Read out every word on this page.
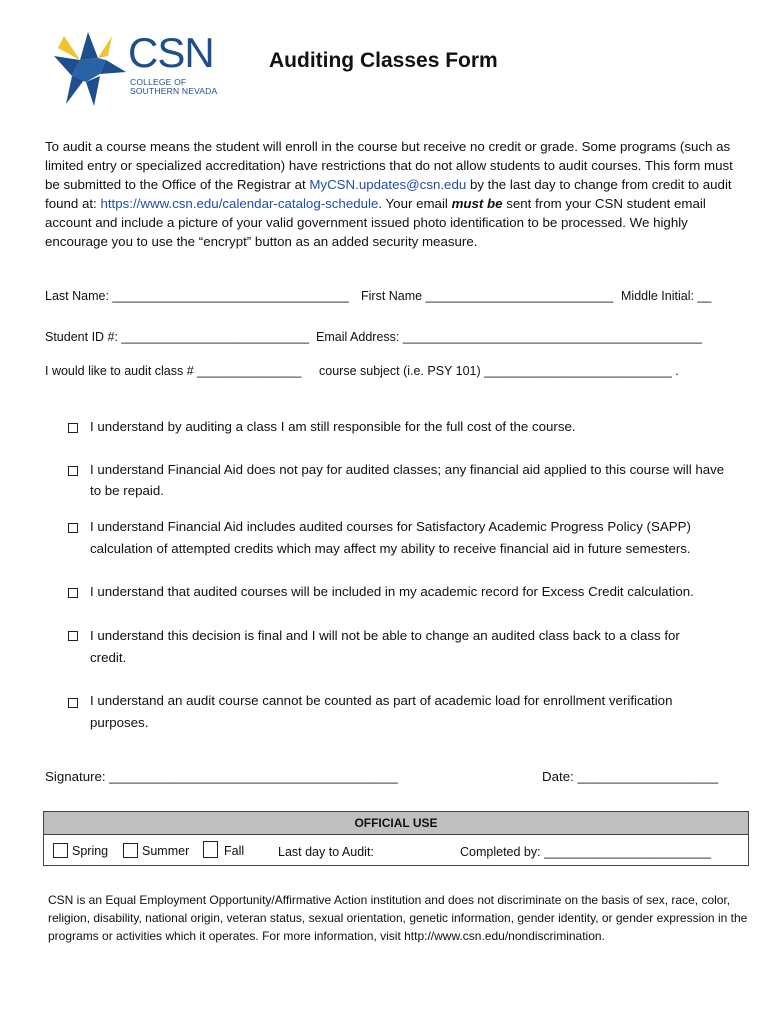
CSN
COLLEGE OF
SOUTHERN NEVADA
Auditing Classes Form
To audit a course means the student will enroll in the course but receive no credit or grade. Some programs (such as limited entry or specialized accreditation) have restrictions that do not allow students to audit courses. This form must be submitted to the Office of the Registrar at MyCSN.updates@csn.edu by the last day to change from credit to audit found at: https://www.csn.edu/calendar-catalog-schedule. Your email must be sent from your CSN student email account and include a picture of your valid government issued photo identification to be processed. We highly encourage you to use the “encrypt” button as an added security measure.
Last Name: __________________________________ First Name ___________________________ Middle Initial: __
Student ID #: ___________________________ Email Address: ___________________________________________
I would like to audit class # _______________ course subject (i.e. PSY 101) ___________________________ .
I understand by auditing a class I am still responsible for the full cost of the course.
I understand Financial Aid does not pay for audited classes; any financial aid applied to this course will have to be repaid.
I understand Financial Aid includes audited courses for Satisfactory Academic Progress Policy (SAPP) calculation of attempted credits which may affect my ability to receive financial aid in future semesters.
I understand that audited courses will be included in my academic record for Excess Credit calculation.
I understand this decision is final and I will not be able to change an audited class back to a class for credit.
I understand an audit course cannot be counted as part of academic load for enrollment verification purposes.
Signature: _______________________________________	Date: ___________________
OFFICIAL USE
Spring	Summer	Fall	Last day to Audit:	Completed by: ________________________
CSN is an Equal Employment Opportunity/Affirmative Action institution and does not discriminate on the basis of sex, race, color, religion, disability, national origin, veteran status, sexual orientation, genetic information, gender identity, or gender expression in the programs or activities which it operates. For more information, visit http://www.csn.edu/nondiscrimination.
